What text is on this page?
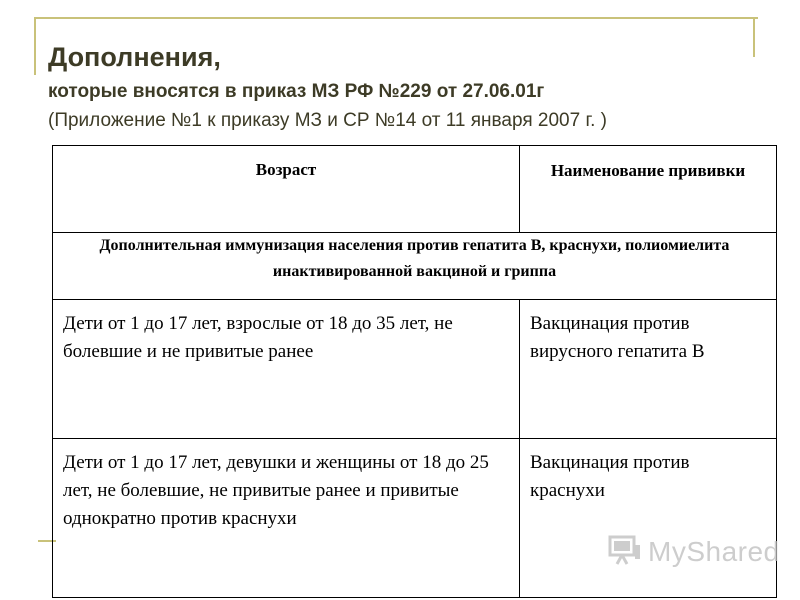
Дополнения,
которые вносятся в приказ МЗ РФ №229 от 27.06.01г
(Приложение №1 к приказу МЗ и СР №14 от 11 января 2007 г. )
Возраст	Наименование прививки
Дополнительная иммунизация населения против гепатита В, краснухи, полиомиелита инактивированной вакциной и гриппа	
Дети от 1 до 17 лет, взрослые от 18 до 35 лет, не болевшие и не привитые ранее	Вакцинация против вирусного гепатита В
Дети от 1 до 17 лет, девушки и женщины от 18 до 25 лет, не болевшие, не привитые ранее и привитые однократно против краснухи	Вакцинация против краснухи
MyShared
